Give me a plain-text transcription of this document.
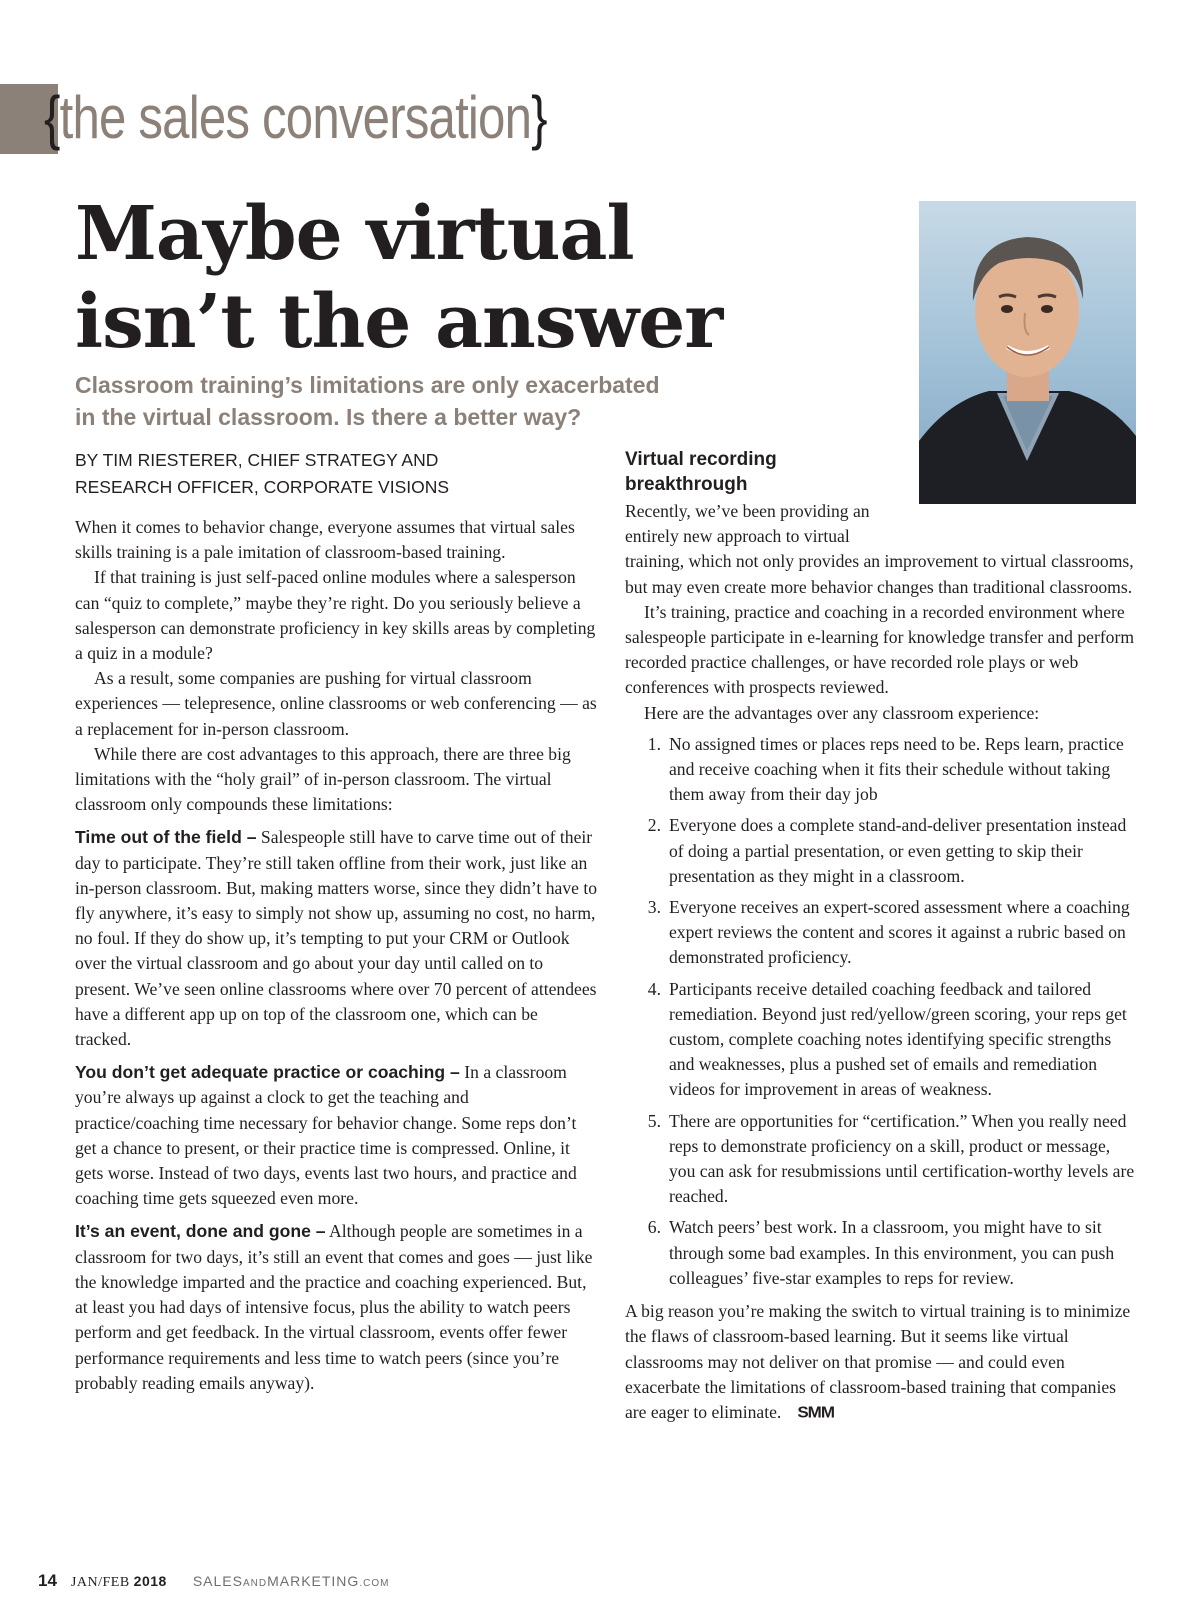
{the sales conversation}
Maybe virtual
isn’t the answer

Classroom training’s limitations are only exacerbated
in the virtual classroom. Is there a better way?

BY TIM RIESTERER, CHIEF STRATEGY AND
RESEARCH OFFICER, CORPORATE VISIONS

When it comes to behavior change, everyone assumes that virtual sales skills training is a pale imitation of classroom-based training.

If that training is just self-paced online modules where a salesperson can “quiz to complete,” maybe they’re right. Do you seriously believe a salesperson can demonstrate proficiency in key skills areas by completing a quiz in a module?

As a result, some companies are pushing for virtual classroom experiences — telepresence, online classrooms or web conferencing — as a replacement for in-person classroom.

While there are cost advantages to this approach, there are three big limitations with the “holy grail” of in-person classroom. The virtual classroom only compounds these limitations:

Time out of the field – Salespeople still have to carve time out of their day to participate. They’re still taken offline from their work, just like an in-person classroom. But, making matters worse, since they didn’t have to fly anywhere, it’s easy to simply not show up, assuming no cost, no harm, no foul. If they do show up, it’s tempting to put your CRM or Outlook over the virtual classroom and go about your day until called on to present. We’ve seen online classrooms where over 70 percent of attendees have a different app up on top of the classroom one, which can be tracked.

You don’t get adequate practice or coaching – In a classroom you’re always up against a clock to get the teaching and practice/coaching time necessary for behavior change. Some reps don’t get a chance to present, or their practice time is compressed. Online, it gets worse. Instead of two days, events last two hours, and practice and coaching time gets squeezed even more.

It’s an event, done and gone – Although people are sometimes in a classroom for two days, it’s still an event that comes and goes — just like the knowledge imparted and the practice and coaching experienced. But, at least you had days of intensive focus, plus the ability to watch peers perform and get feedback. In the virtual classroom, events offer fewer performance requirements and less time to watch peers (since you’re probably reading emails anyway).

Virtual recording breakthrough

Recently, we’ve been providing an

entirely new approach to virtual

training, which not only provides an improvement to virtual classrooms, but may even create more behavior changes than traditional classrooms.

It’s training, practice and coaching in a recorded environment where salespeople participate in e-learning for knowledge transfer and perform recorded practice challenges, or have recorded role plays or web conferences with prospects reviewed.

Here are the advantages over any classroom experience:

1. No assigned times or places reps need to be. Reps learn, practice and receive coaching when it fits their schedule without taking them away from their day job
2. Everyone does a complete stand-and-deliver presentation instead of doing a partial presentation, or even getting to skip their presentation as they might in a classroom.
3. Everyone receives an expert-scored assessment where a coaching expert reviews the content and scores it against a rubric based on demonstrated proficiency.
4. Participants receive detailed coaching feedback and tailored remediation. Beyond just red/yellow/green scoring, your reps get custom, complete coaching notes identifying specific strengths and weaknesses, plus a pushed set of emails and remediation videos for improvement in areas of weakness.
5. There are opportunities for “certification.” When you really need reps to demonstrate proficiency on a skill, product or message, you can ask for resubmissions until certification-worthy levels are reached.
6. Watch peers’ best work. In a classroom, you might have to sit through some bad examples. In this environment, you can push colleagues’ five-star examples to reps for review.

A big reason you’re making the switch to virtual training is to minimize the flaws of classroom-based learning. But it seems like virtual classrooms may not deliver on that promise — and could even exacerbate the limitations of classroom-based training that companies are eager to eliminate. SMM

14 JAN/FEB 2018 SALESANDMARKETING.COM
